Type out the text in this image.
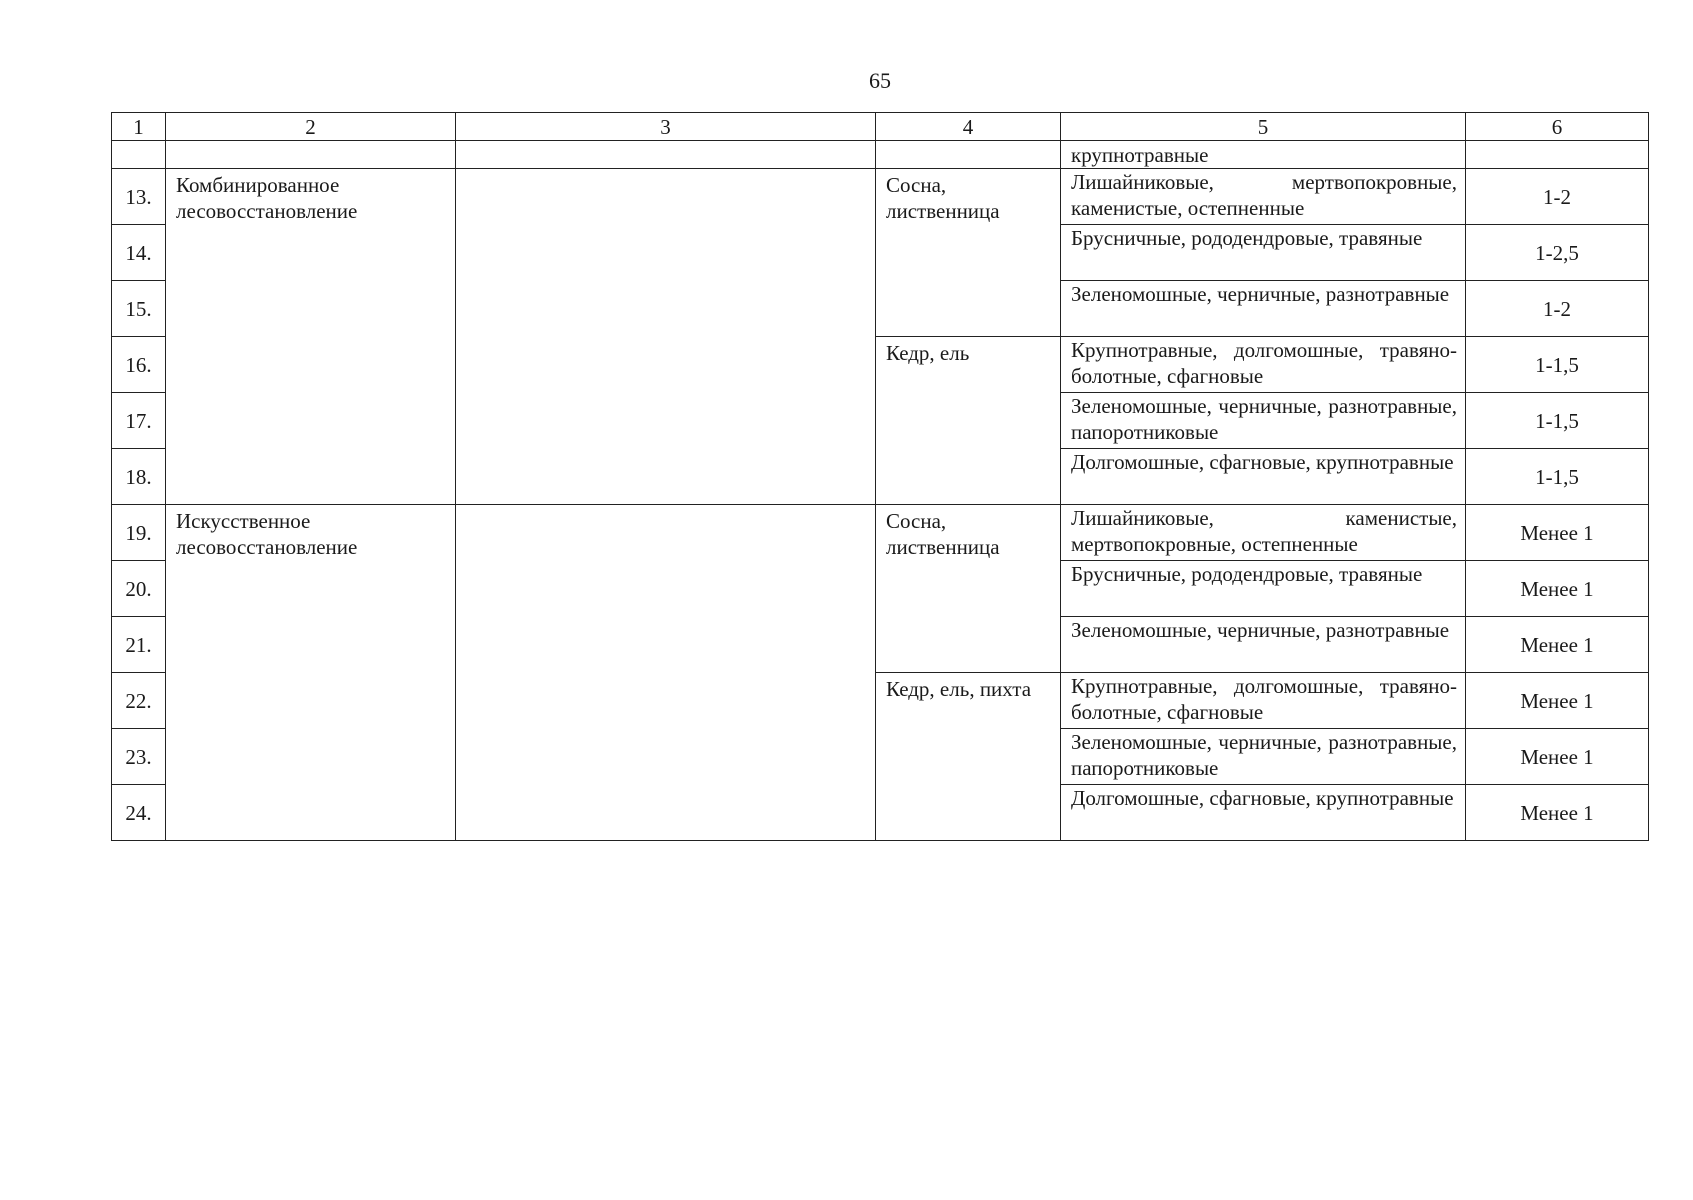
65
1	2	3	4	5	6
				крупнотравные	
13.	Комбинированное лесовосстановление		Сосна, лиственница	Лишайниковые, мертвопокровные, каменистые, остепненные	1-2
14.				Брусничные, рододендровые, травяные	1-2,5
15.				Зеленомошные, черничные, разнотравные	1-2
16.			Кедр, ель	Крупнотравные, долгомошные, травяно-болотные, сфагновые	1-1,5
17.				Зеленомошные, черничные, разнотравные, папоротниковые	1-1,5
18.				Долгомошные, сфагновые, крупнотравные	1-1,5
19.	Искусственное лесовосстановление		Сосна, лиственница	Лишайниковые, каменистые, мертвопокровные, остепненные	Менее 1
20.				Брусничные, рододендровые, травяные	Менее 1
21.				Зеленомошные, черничные, разнотравные	Менее 1
22.			Кедр, ель, пихта	Крупнотравные, долгомошные, травяно-болотные, сфагновые	Менее 1
23.				Зеленомошные, черничные, разнотравные, папоротниковые	Менее 1
24.				Долгомошные, сфагновые, крупнотравные	Менее 1
